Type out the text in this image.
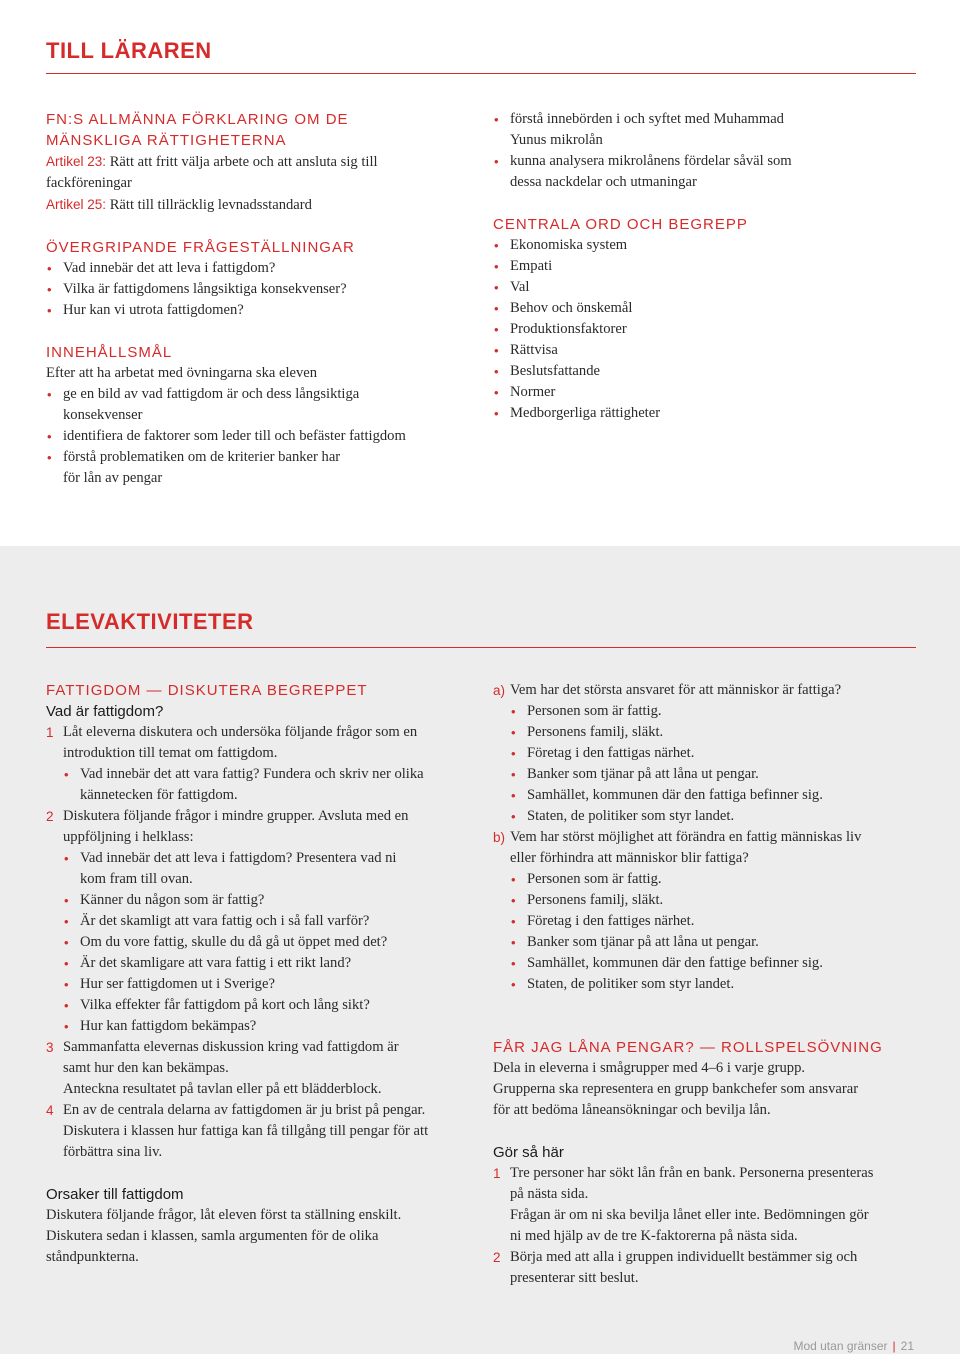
TILL LÄRAREN
FN:S ALLMÄNNA FÖRKLARING OM DE
MÄNSKLIGA RÄTTIGHETERNA
Artikel 23: Rätt att fritt välja arbete och att ansluta sig till
fackföreningar
Artikel 25: Rätt till tillräcklig levnadsstandard
ÖVERGRIPANDE FRÅGESTÄLLNINGAR
• Vad innebär det att leva i fattigdom?
• Vilka är fattigdomens långsiktiga konsekvenser?
• Hur kan vi utrota fattigdomen?
INNEHÅLLSMÅL
Efter att ha arbetat med övningarna ska eleven
• ge en bild av vad fattigdom är och dess långsiktiga
konsekvenser
• identifiera de faktorer som leder till och befäster fattigdom
• förstå problematiken om de kriterier banker har
för lån av pengar
• förstå innebörden i och syftet med Muhammad
Yunus mikrolån
• kunna analysera mikrolånens fördelar såväl som
dessa nackdelar och utmaningar
CENTRALA ORD OCH BEGREPP
• Ekonomiska system
• Empati
• Val
• Behov och önskemål
• Produktionsfaktorer
• Rättvisa
• Beslutsfattande
• Normer
• Medborgerliga rättigheter
ELEVAKTIVITETER
FATTIGDOM — DISKUTERA BEGREPPET
Vad är fattigdom?
1 Låt eleverna diskutera och undersöka följande frågor som en
introduktion till temat om fattigdom.
• Vad innebär det att vara fattig? Fundera och skriv ner olika
kännetecken för fattigdom.
2 Diskutera följande frågor i mindre grupper. Avsluta med en
uppföljning i helklass:
• Vad innebär det att leva i fattigdom? Presentera vad ni
kom fram till ovan.
• Känner du någon som är fattig?
• Är det skamligt att vara fattig och i så fall varför?
• Om du vore fattig, skulle du då gå ut öppet med det?
• Är det skamligare att vara fattig i ett rikt land?
• Hur ser fattigdomen ut i Sverige?
• Vilka effekter får fattigdom på kort och lång sikt?
• Hur kan fattigdom bekämpas?
3 Sammanfatta elevernas diskussion kring vad fattigdom är
samt hur den kan bekämpas.
Anteckna resultatet på tavlan eller på ett blädderblock.
4 En av de centrala delarna av fattigdomen är ju brist på pengar.
Diskutera i klassen hur fattiga kan få tillgång till pengar för att
förbättra sina liv.
Orsaker till fattigdom
Diskutera följande frågor, låt eleven först ta ställning enskilt.
Diskutera sedan i klassen, samla argumenten för de olika
ståndpunkterna.
a) Vem har det största ansvaret för att människor är fattiga?
• Personen som är fattig.
• Personens familj, släkt.
• Företag i den fattigas närhet.
• Banker som tjänar på att låna ut pengar.
• Samhället, kommunen där den fattiga befinner sig.
• Staten, de politiker som styr landet.
b) Vem har störst möjlighet att förändra en fattig människas liv
eller förhindra att människor blir fattiga?
• Personen som är fattig.
• Personens familj, släkt.
• Företag i den fattiges närhet.
• Banker som tjänar på att låna ut pengar.
• Samhället, kommunen där den fattige befinner sig.
• Staten, de politiker som styr landet.
FÅR JAG LÅNA PENGAR? — ROLLSPELSÖVNING
Dela in eleverna i smågrupper med 4–6 i varje grupp.
Grupperna ska representera en grupp bankchefer som ansvarar
för att bedöma låneansökningar och bevilja lån.
Gör så här
1 Tre personer har sökt lån från en bank. Personerna presenteras
på nästa sida.
Frågan är om ni ska bevilja lånet eller inte. Bedömningen gör
ni med hjälp av de tre K-faktorerna på nästa sida.
2 Börja med att alla i gruppen individuellt bestämmer sig och
presenterar sitt beslut.
Mod utan gränser | 21
